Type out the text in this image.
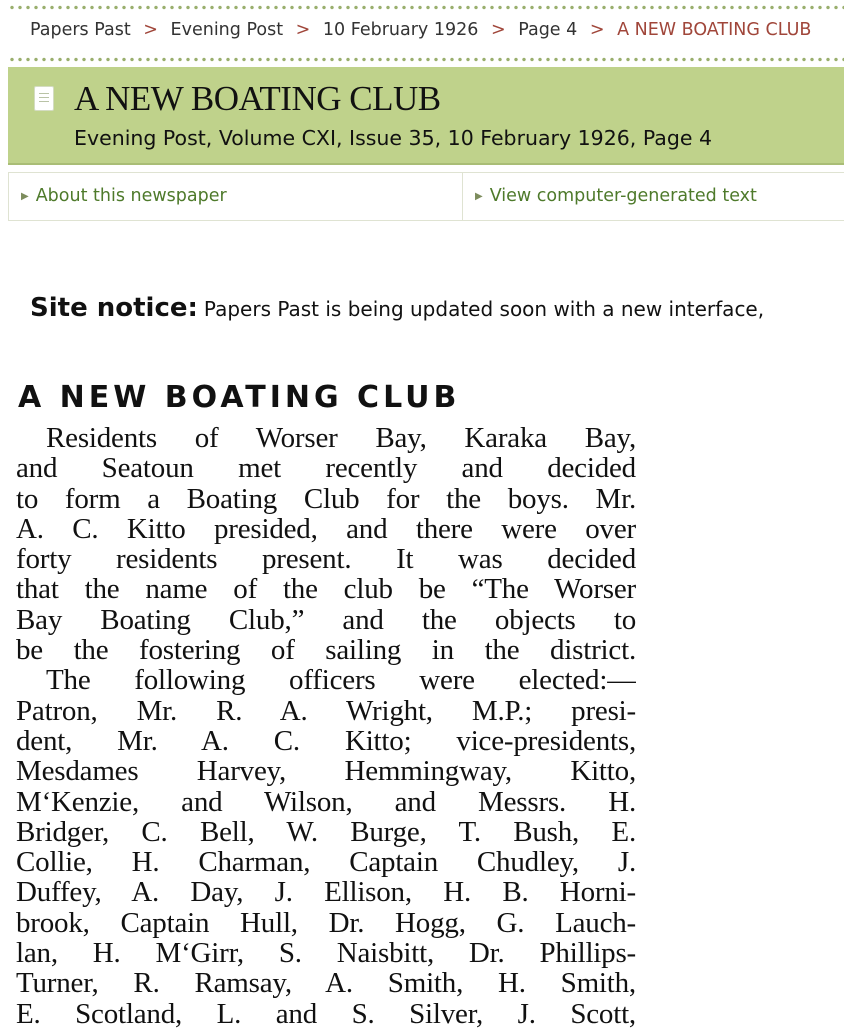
Papers Past > Evening Post > 10 February 1926 > Page 4 > A NEW BOATING CLUB
A NEW BOATING CLUB
Evening Post, Volume CXI, Issue 35, 10 February 1926, Page 4
▶ About this newspaper	▶ View computer-generated text
Site notice: Papers Past is being updated soon with a new interface,
A NEW BOATING CLUB
Residents of Worser Bay, Karaka Bay,
and Seatoun met recently and decided
to form a Boating Club for the boys. Mr.
A. C. Kitto presided, and there were over
forty residents present. It was decided
that the name of the club be “The Worser
Bay Boating Club,” and the objects to
be the fostering of sailing in the district.
The following officers were elected:—
Patron, Mr. R. A. Wright, M.P.; presi-
dent, Mr. A. C. Kitto; vice-presidents,
Mesdames Harvey, Hemmingway, Kitto,
M‘Kenzie, and Wilson, and Messrs. H.
Bridger, C. Bell, W. Burge, T. Bush, E.
Collie, H. Charman, Captain Chudley, J.
Duffey, A. Day, J. Ellison, H. B. Horni-
brook, Captain Hull, Dr. Hogg, G. Lauch-
lan, H. M‘Girr, S. Naisbitt, Dr. Phillips-
Turner, R. Ramsay, A. Smith, H. Smith,
E. Scotland, L. and S. Silver, J. Scott,
